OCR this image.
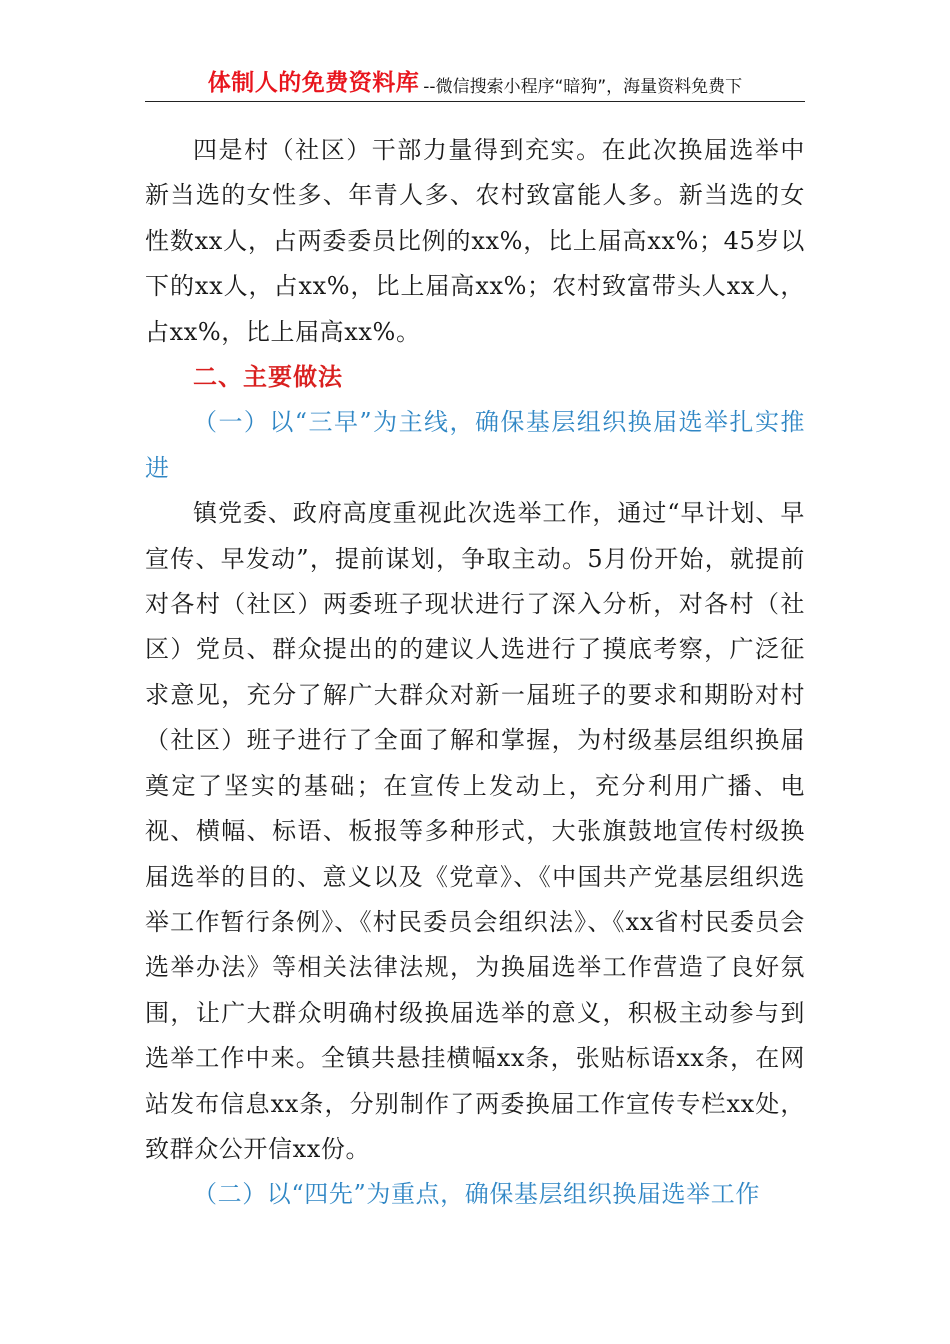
体制人的免费资料库 --微信搜索小程序“暗狗”，海量资料免费下

四是村（社区）干部力量得到充实。在此次换届选举中新当选的女性多、年青人多、农村致富能人多。新当选的女性数xx人，占两委委员比例的xx%，比上届高xx%；45岁以下的xx人，占xx%，比上届高xx%；农村致富带头人xx人，占xx%，比上届高xx%。

二、主要做法

（一）以“三早”为主线，确保基层组织换届选举扎实推进

镇党委、政府高度重视此次选举工作，通过“早计划、早宣传、早发动”，提前谋划，争取主动。5月份开始，就提前对各村（社区）两委班子现状进行了深入分析，对各村（社区）党员、群众提出的的建议人选进行了摸底考察，广泛征求意见，充分了解广大群众对新一届班子的要求和期盼对村（社区）班子进行了全面了解和掌握，为村级基层组织换届奠定了坚实的基础；在宣传上发动上，充分利用广播、电视、横幅、标语、板报等多种形式，大张旗鼓地宣传村级换届选举的目的、意义以及《党章》、《中国共产党基层组织选举工作暂行条例》、《村民委员会组织法》、《xx省村民委员会选举办法》等相关法律法规，为换届选举工作营造了良好氛围，让广大群众明确村级换届选举的意义，积极主动参与到选举工作中来。全镇共悬挂横幅xx条，张贴标语xx条，在网站发布信息xx条，分别制作了两委换届工作宣传专栏xx处，致群众公开信xx份。

（二）以“四先”为重点，确保基层组织换届选举工作
